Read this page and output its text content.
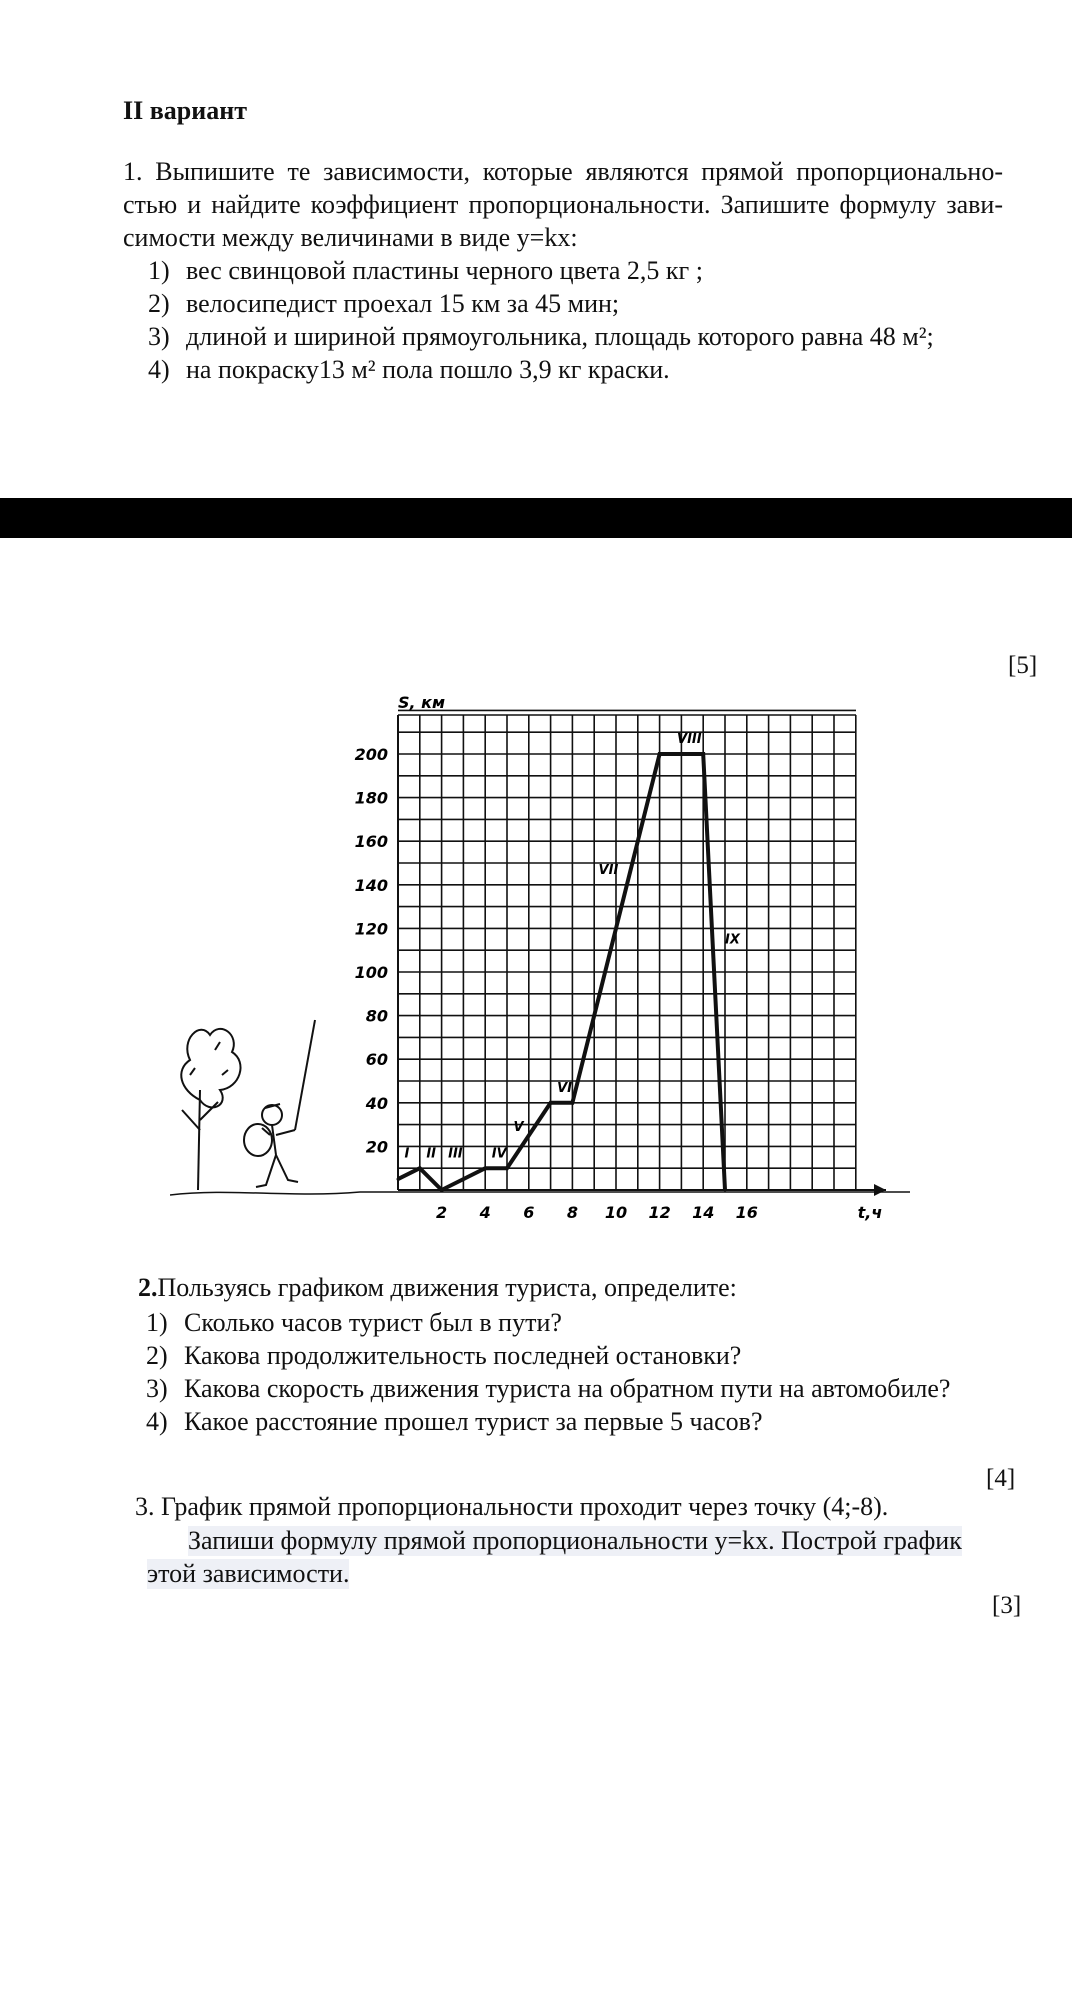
II вариант
1. Выпишите те зависимости, которые являются прямой пропорционально-стью и найдите коэффициент пропорциональности. Запишите формулу зави-симости между величинами в виде y=kx:
1) вес свинцовой пластины черного цвета 2,5 кг ;
2) велосипедист проехал 15 км за 45 мин;
3) длиной и шириной прямоугольника, площадь которого равна 48 м²;
4) на покраску13 м² пола пошло 3,9 кг краски.
[5]
S, км
20
40
60
80
100
120
140
160
180
200
2 4 6 8 10 12 14 16	t,ч
I II III IV
V
VI
VII
VIII
IX
2.Пользуясь графиком движения туриста, определите:
1) Сколько часов турист был в пути?
2) Какова продолжительность последней остановки?
3) Какова скорость движения туриста на обратном пути на автомобиле?
4) Какое расстояние прошел турист за первые 5 часов?
[4]
3. График прямой пропорциональности проходит через точку (4;-8).
Запиши формулу прямой пропорциональности y=kx. Построй график
этой зависимости.
[3]
